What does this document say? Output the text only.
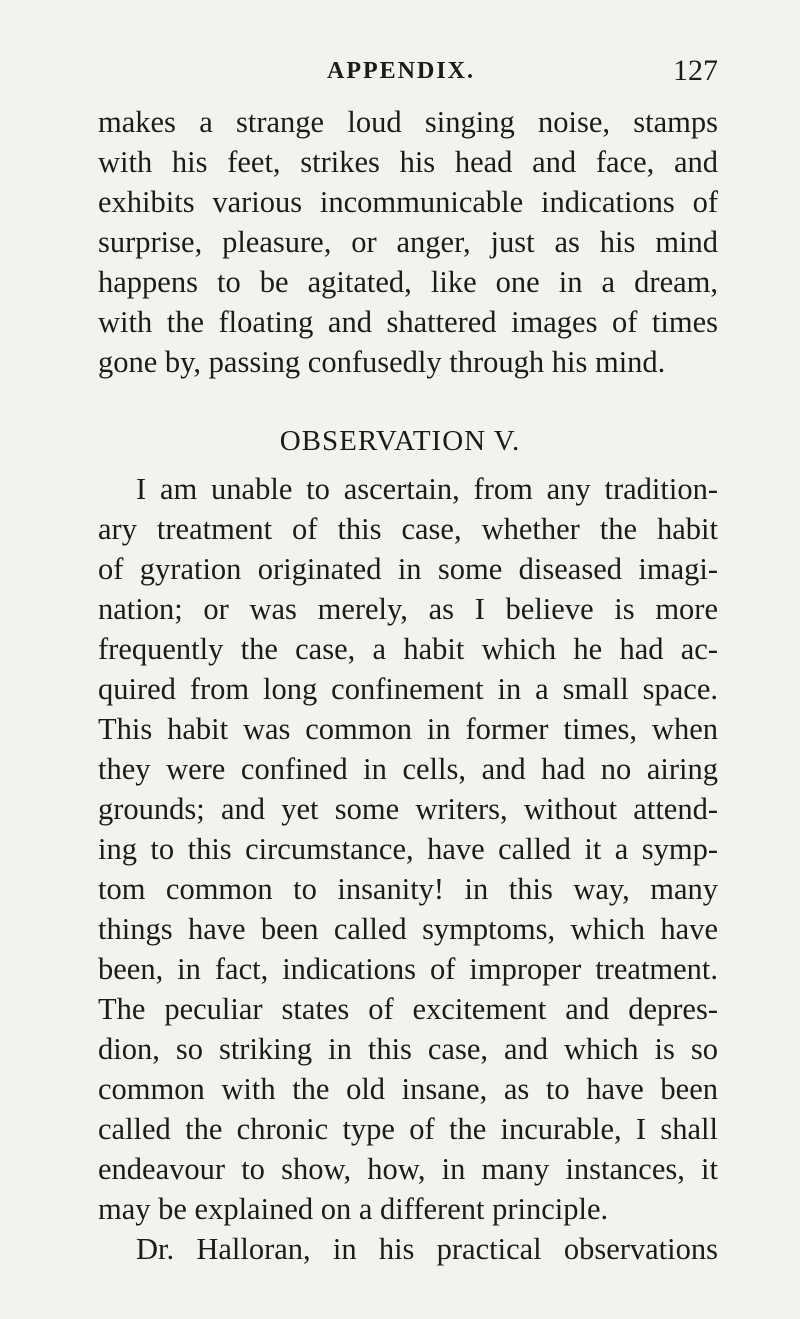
APPENDIX.	127
makes a strange loud singing noise, stamps
with his feet, strikes his head and face, and
exhibits various incommunicable indications of
surprise, pleasure, or anger, just as his mind
happens to be agitated, like one in a dream,
with the floating and shattered images of times
gone by, passing confusedly through his mind.
OBSERVATION V.
I am unable to ascertain, from any tradition-
ary treatment of this case, whether the habit
of gyration originated in some diseased imagi-
nation; or was merely, as I believe is more
frequently the case, a habit which he had ac-
quired from long confinement in a small space.
This habit was common in former times, when
they were confined in cells, and had no airing
grounds; and yet some writers, without attend-
ing to this circumstance, have called it a symp-
tom common to insanity! in this way, many
things have been called symptoms, which have
been, in fact, indications of improper treatment.
The peculiar states of excitement and depres-
dion, so striking in this case, and which is so
common with the old insane, as to have been
called the chronic type of the incurable, I shall
endeavour to show, how, in many instances, it
may be explained on a different principle.
Dr. Halloran, in his practical observations
